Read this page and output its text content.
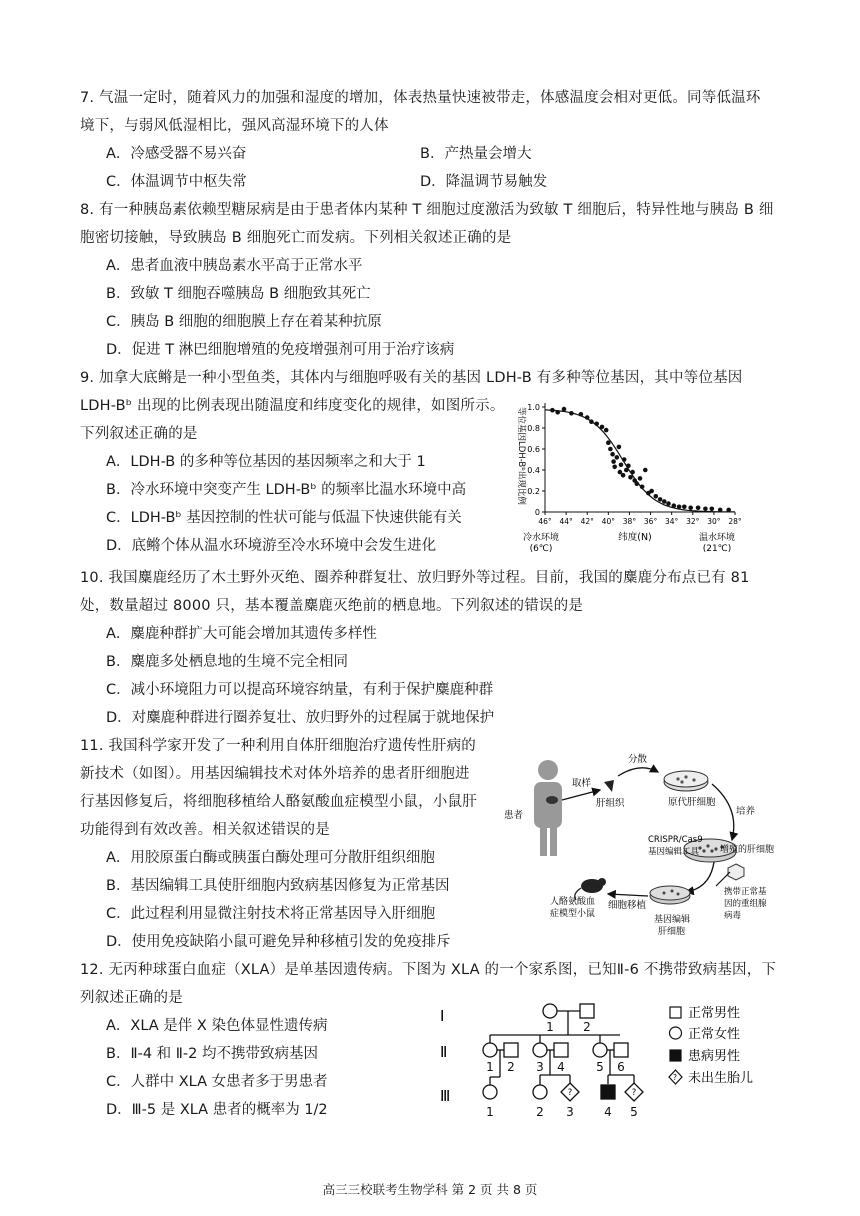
7. 气温一定时，随着风力的加强和湿度的增加，体表热量快速被带走，体感温度会相对更低。同等低温环
境下，与弱风低湿相比，强风高湿环境下的人体
A．冷感受器不易兴奋	B．产热量会增大
C．体温调节中枢失常	D．降温调节易触发
8. 有一种胰岛素依赖型糖尿病是由于患者体内某种 T 细胞过度激活为致敏 T 细胞后，特异性地与胰岛 B 细
胞密切接触，导致胰岛 B 细胞死亡而发病。下列相关叙述正确的是
A．患者血液中胰岛素水平高于正常水平
B．致敏 T 细胞吞噬胰岛 B 细胞致其死亡
C．胰岛 B 细胞的细胞膜上存在着某种抗原
D．促进 T 淋巴细胞增殖的免疫增强剂可用于治疗该病
9. 加拿大底鳉是一种小型鱼类，其体内与细胞呼吸有关的基因 LDH-B 有多种等位基因，其中等位基因
LDH-Bᵇ 出现的比例表现出随温度和纬度变化的规律，如图所示。
下列叙述正确的是
A．LDH-B 的多种等位基因的基因频率之和大于 1
B．冷水环境中突变产生 LDH-Bᵇ 的频率比温水环境中高
C．LDH-Bᵇ 基因控制的性状可能与低温下快速供能有关
D．底鳉个体从温水环境游至冷水环境中会发生进化
0
0.2
0.4
0.6
0.8
1.0
46° 44° 42° 40° 38° 36° 34° 32° 30° 28°
等位基因LDH-Bᵇ出现比例
纬度(N)
冷水环境
(6℃)
温水环境
(21℃)
10. 我国麋鹿经历了木土野外灭绝、圈养种群复壮、放归野外等过程。目前，我国的麋鹿分布点已有 81
处，数量超过 8000 只，基本覆盖麋鹿灭绝前的栖息地。下列叙述的错误的是
A．麋鹿种群扩大可能会增加其遗传多样性
B．麋鹿多处栖息地的生境不完全相同
C．减小环境阻力可以提高环境容纳量，有利于保护麋鹿种群
D．对麋鹿种群进行圈养复壮、放归野外的过程属于就地保护
11. 我国科学家开发了一种利用自体肝细胞治疗遗传性肝病的
新技术（如图）。用基因编辑技术对体外培养的患者肝细胞进
行基因修复后，将细胞移植给人酪氨酸血症模型小鼠，小鼠肝
功能得到有效改善。相关叙述错误的是
A．用胶原蛋白酶或胰蛋白酶处理可分散肝组织细胞
B．基因编辑工具使肝细胞内致病基因修复为正常基因
C．此过程利用显微注射技术将正常基因导入肝细胞
D．使用免疫缺陷小鼠可避免异种移植引发的免疫排斥
患者
取样
肝组织
分散
原代肝细胞
培养
增殖的肝细胞
CRISPR/Cas9
基因编辑工具
携带正常基
因的重组腺
病毒
基因编辑
肝细胞
细胞移植
人酪氨酸血
症模型小鼠
12. 无丙种球蛋白血症（XLA）是单基因遗传病。下图为 XLA 的一个家系图，已知Ⅱ-6 不携带致病基因，下
列叙述正确的是
A．XLA 是伴 X 染色体显性遗传病
B．Ⅱ-4 和 Ⅱ-2 均不携带致病基因
C．人群中 XLA 女患者多于男患者
D．Ⅲ-5 是 XLA 患者的概率为 1/2
Ⅰ
Ⅱ
Ⅲ	?	?
1 2
1 2 3 4	5 6
1	2 3	4 5
?
正常男性
正常女性
患病男性
未出生胎儿
高三三校联考生物学科 第 2 页 共 8 页
